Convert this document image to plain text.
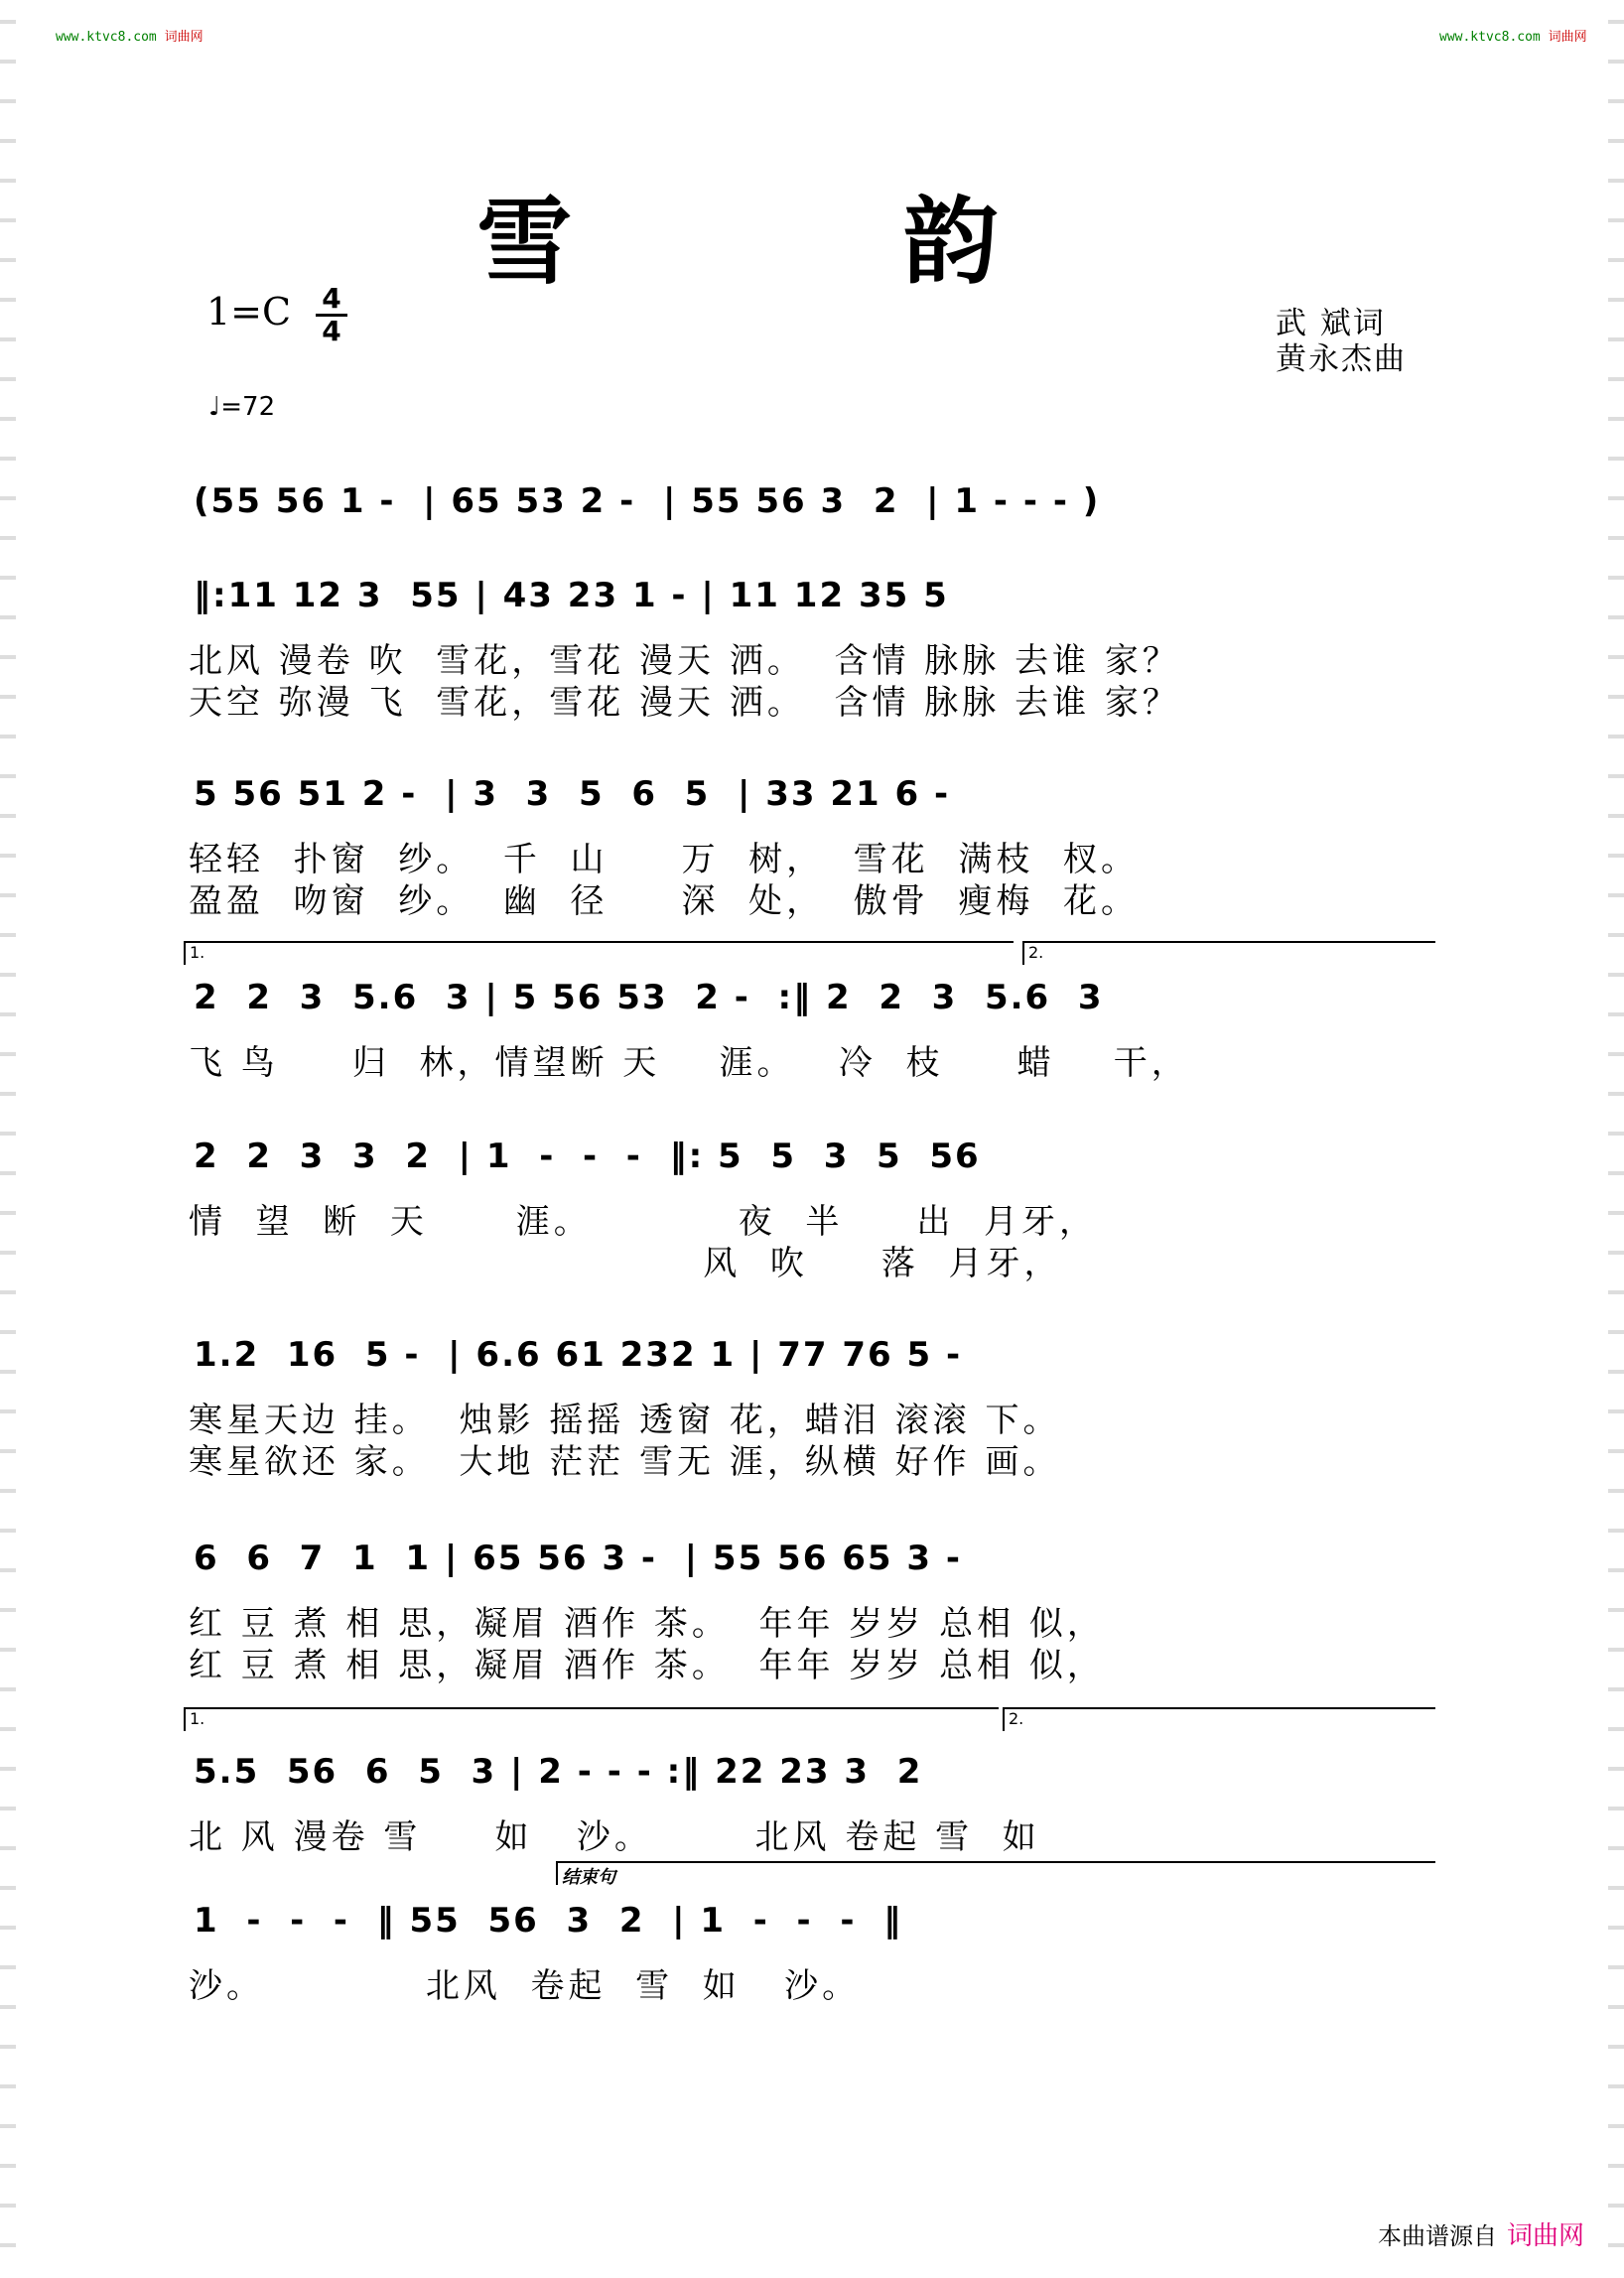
www.ktvc8.com 词曲网	www.ktvc8.com 词曲网
雪 韵
1=C 4
4
♩=72
武 斌词
黄永杰曲
(55 56 1 -  | 65 53 2 -  | 55 56 3  2  | 1 - - - )
‖:11 12 3  55 | 43 23 1 - | 11 12 35 5
北风 漫卷 吹  雪花，雪花 漫天 洒。  含情 脉脉 去谁 家？
天空 弥漫 飞  雪花，雪花 漫天 洒。  含情 脉脉 去谁 家？
5 56 51 2 -  | 3  3  5  6  5  | 33 21 6 -
轻轻  扑窗  纱。  千  山     万  树，  雪花  满枝  杈。
盈盈  吻窗  纱。  幽  径     深  处，  傲骨  瘦梅  花。
2  2  3  5.6  3 | 5 56 53  2 -  :‖ 2  2  3  5.6  3
飞 鸟     归  林，情望断 天    涯。   冷  枝     蜡    干，
2  2  3  3  2  | 1  -  -  -  ‖: 5  5  3  5  56
情  望  断  天      涯。          夜  半     出  月牙，
风  吹     落  月牙，
1.2  16  5 -  | 6.6 61 232 1 | 77 76 5 -
寒星天边 挂。  烛影 摇摇 透窗 花，蜡泪 滚滚 下。
寒星欲还 家。  大地 茫茫 雪无 涯，纵横 好作 画。
6  6  7  1  1 | 65 56 3 -  | 55 56 65 3 -
红 豆 煮 相 思，凝眉 酒作 茶。  年年 岁岁 总相 似，
红 豆 煮 相 思，凝眉 酒作 茶。  年年 岁岁 总相 似，
5.5  56  6  5  3 | 2 - - - :‖ 22 23 3  2
北 风 漫卷 雪     如   沙。       北风 卷起 雪  如
1  -  -  -  ‖ 55  56  3  2  | 1  -  -  -  ‖
沙。           北风  卷起  雪  如   沙。
1.	2.
1.	2.
结束句
本曲谱源自 词曲网
